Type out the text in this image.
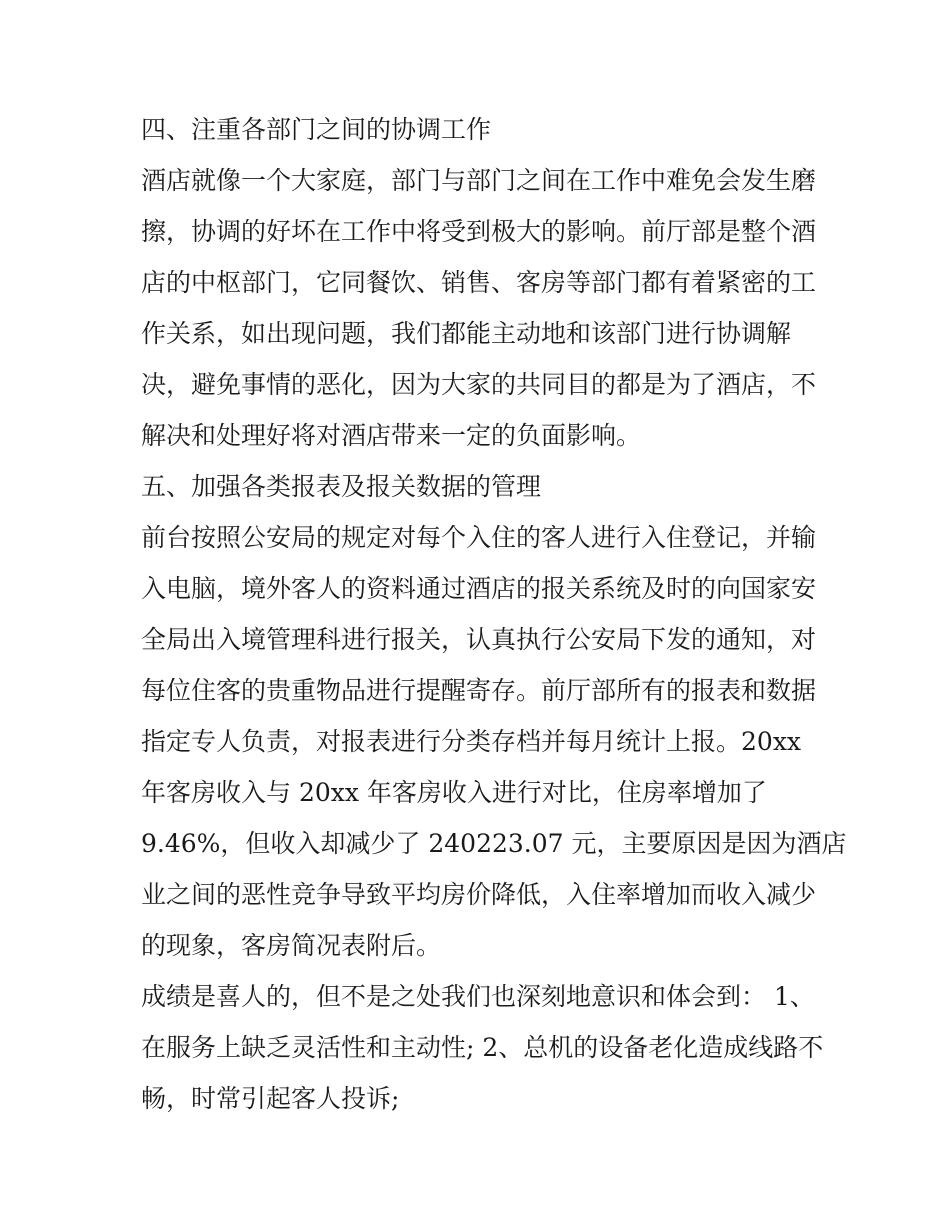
四、注重各部门之间的协调工作
酒店就像一个大家庭，部门与部门之间在工作中难免会发生磨
擦，协调的好坏在工作中将受到极大的影响。前厅部是整个酒
店的中枢部门，它同餐饮、销售、客房等部门都有着紧密的工
作关系，如出现问题，我们都能主动地和该部门进行协调解
决，避免事情的恶化，因为大家的共同目的都是为了酒店，不
解决和处理好将对酒店带来一定的负面影响。
五、加强各类报表及报关数据的管理
前台按照公安局的规定对每个入住的客人进行入住登记，并输
入电脑，境外客人的资料通过酒店的报关系统及时的向国家安
全局出入境管理科进行报关，认真执行公安局下发的通知，对
每位住客的贵重物品进行提醒寄存。前厅部所有的报表和数据
指定专人负责，对报表进行分类存档并每月统计上报。20xx
年客房收入与 20xx 年客房收入进行对比，住房率增加了
9.46%，但收入却减少了 240223.07 元，主要原因是因为酒店
业之间的恶性竞争导致平均房价降低，入住率增加而收入减少
的现象，客房简况表附后。
成绩是喜人的，但不是之处我们也深刻地意识和体会到： 1、
在服务上缺乏灵活性和主动性; 2、总机的设备老化造成线路不
畅，时常引起客人投诉;
